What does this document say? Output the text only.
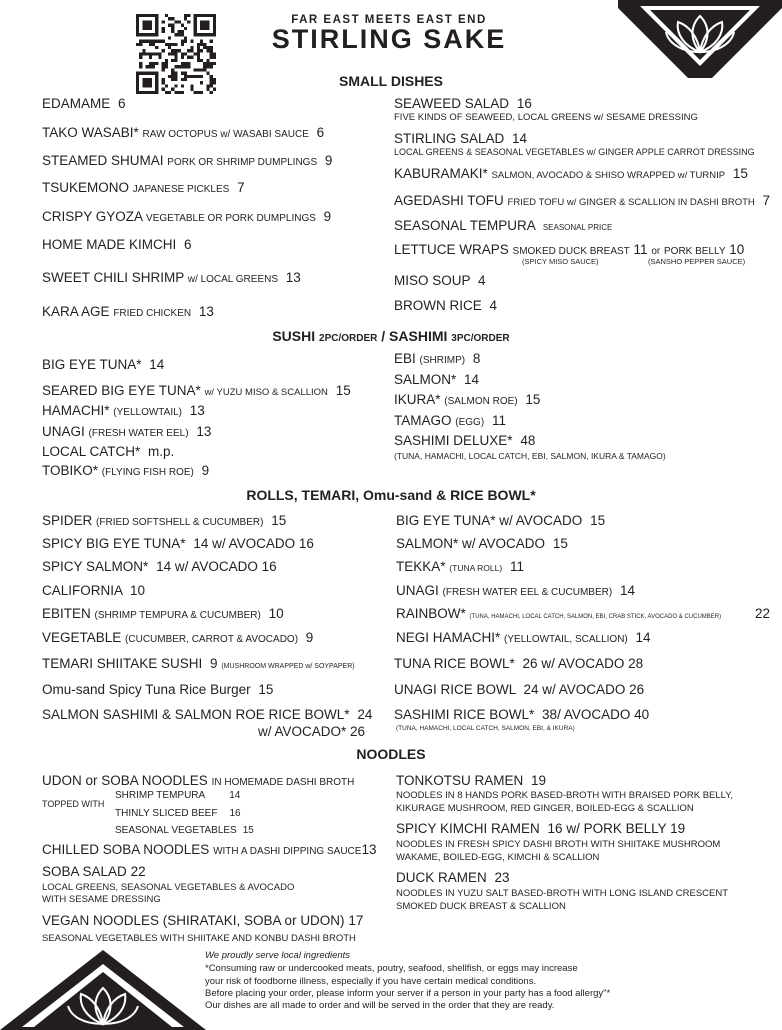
FAR EAST MEETS EAST END
STIRLING SAKE
SMALL DISHES
EDAMAME 6
TAKO WASABI* RAW OCTOPUS w/ WASABI SAUCE 6
STEAMED SHUMAI PORK OR SHRIMP DUMPLINGS 9
TSUKEMONO JAPANESE PICKLES 7
CRISPY GYOZA VEGETABLE OR PORK DUMPLINGS 9
HOME MADE KIMCHI 6
SWEET CHILI SHRIMP w/ LOCAL GREENS 13
KARA AGE FRIED CHICKEN 13
SEAWEED SALAD 16
FIVE KINDS OF SEAWEED, LOCAL GREENS w/ SESAME DRESSING
STIRLING SALAD 14
LOCAL GREENS & SEASONAL VEGETABLES w/ GINGER APPLE CARROT DRESSING
KABURAMAKI* SALMON, AVOCADO & SHISO WRAPPED w/ TURNIP 15
AGEDASHI TOFU FRIED TOFU w/ GINGER & SCALLION IN DASHI BROTH 7
SEASONAL TEMPURA SEASONAL PRICE
LETTUCE WRAPS SMOKED DUCK BREAST 11 or PORK BELLY 10
(SPICY MISO SAUCE)	(SANSHO PEPPER SAUCE)
MISO SOUP 4
BROWN RICE 4
SUSHI 2PC/ORDER / SASHIMI 3PC/ORDER
BIG EYE TUNA* 14
SEARED BIG EYE TUNA* w/ YUZU MISO & SCALLION 15
HAMACHI* (YELLOWTAIL) 13
UNAGI (FRESH WATER EEL) 13
LOCAL CATCH* m.p.
TOBIKO* (FLYING FISH ROE) 9
EBI (SHRIMP) 8
SALMON* 14
IKURA* (SALMON ROE) 15
TAMAGO (EGG) 11
SASHIMI DELUXE* 48
(TUNA, HAMACHI, LOCAL CATCH, EBI, SALMON, IKURA & TAMAGO)
ROLLS, TEMARI, Omu-sand & RICE BOWL*
SPIDER (FRIED SOFTSHELL & CUCUMBER) 15
SPICY BIG EYE TUNA* 14 w/ AVOCADO 16
SPICY SALMON* 14 w/ AVOCADO 16
CALIFORNIA 10
EBITEN (SHRIMP TEMPURA & CUCUMBER) 10
VEGETABLE (CUCUMBER, CARROT & AVOCADO) 9
TEMARI SHIITAKE SUSHI 9 (MUSHROOM WRAPPED w/ SOYPAPER)
Omu-sand Spicy Tuna Rice Burger 15
SALMON SASHIMI & SALMON ROE RICE BOWL* 24
w/ AVOCADO* 26
BIG EYE TUNA* w/ AVOCADO 15
SALMON* w/ AVOCADO 15
TEKKA* (TUNA ROLL) 11
UNAGI (FRESH WATER EEL & CUCUMBER) 14
RAINBOW* (TUNA, HAMACHI, LOCAL CATCH, SALMON, EBI, CRAB STICK, AVOCADO & CUCUMBER)	22
NEGI HAMACHI* (YELLOWTAIL, SCALLION) 14
TUNA RICE BOWL* 26 w/ AVOCADO 28
UNAGI RICE BOWL 24 w/ AVOCADO 26
SASHIMI RICE BOWL* 38/ AVOCADO 40
(TUNA, HAMACHI, LOCAL CATCH, SALMON, EBI, & IKURA)
NOODLES
UDON or SOBA NOODLES IN HOMEMADE DASHI BROTH
TOPPED WITH
SHRIMP TEMPURA 14
THINLY SLICED BEEF 16
SEASONAL VEGETABLES 15
CHILLED SOBA NOODLES WITH A DASHI DIPPING SAUCE13
SOBA SALAD 22
LOCAL GREENS, SEASONAL VEGETABLES & AVOCADO
WITH SESAME DRESSING
VEGAN NOODLES (SHIRATAKI, SOBA or UDON) 17
SEASONAL VEGETABLES WITH SHIITAKE AND KONBU DASHI BROTH
TONKOTSU RAMEN 19
NOODLES IN 8 HANDS PORK BASED-BROTH WITH BRAISED PORK BELLY,
KIKURAGE MUSHROOM, RED GINGER, BOILED-EGG & SCALLION
SPICY KIMCHI RAMEN 16 w/ PORK BELLY 19
NOODLES IN FRESH SPICY DASHI BROTH WITH SHIITAKE MUSHROOM
WAKAME, BOILED-EGG, KIMCHI & SCALLION
DUCK RAMEN 23
NOODLES IN YUZU SALT BASED-BROTH WITH LONG ISLAND CRESCENT
SMOKED DUCK BREAST & SCALLION
We proudly serve local ingredients
*Consuming raw or undercooked meats, poutry, seafood, shellfish, or eggs may increase
your risk of foodborne illness, especially if you have certain medical conditions.
Before placing your order, please inform your server if a person in your party has a food allergy"*
Our dishes are all made to order and will be served in the order that they are ready.
